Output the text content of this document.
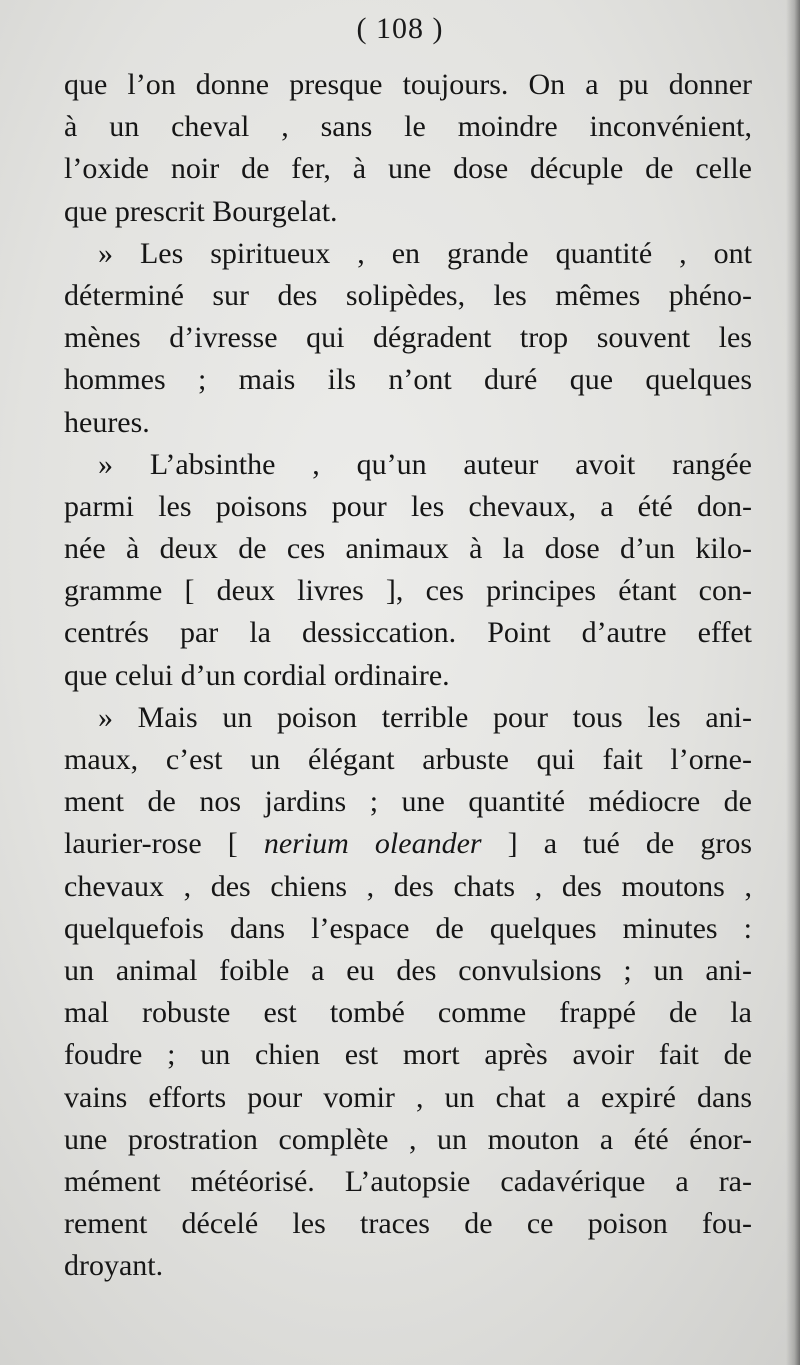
( 108 )
que l’on donne presque toujours. On a pu donner
à un cheval , sans le moindre inconvénient,
l’oxide noir de fer, à une dose décuple de celle
que prescrit Bourgelat.
» Les spiritueux , en grande quantité , ont
déterminé sur des solipèdes, les mêmes phéno-
mènes d’ivresse qui dégradent trop souvent les
hommes ; mais ils n’ont duré que quelques
heures.
» L’absinthe , qu’un auteur avoit rangée
parmi les poisons pour les chevaux, a été don-
née à deux de ces animaux à la dose d’un kilo-
gramme [ deux livres ], ces principes étant con-
centrés par la dessiccation. Point d’autre effet
que celui d’un cordial ordinaire.
» Mais un poison terrible pour tous les ani-
maux, c’est un élégant arbuste qui fait l’orne-
ment de nos jardins ; une quantité médiocre de
laurier-rose [ nerium oleander ] a tué de gros
chevaux , des chiens , des chats , des moutons ,
quelquefois dans l’espace de quelques minutes :
un animal foible a eu des convulsions ; un ani-
mal robuste est tombé comme frappé de la
foudre ; un chien est mort après avoir fait de
vains efforts pour vomir , un chat a expiré dans
une prostration complète , un mouton a été énor-
mément météorisé. L’autopsie cadavérique a ra-
rement décelé les traces de ce poison fou-
droyant.
